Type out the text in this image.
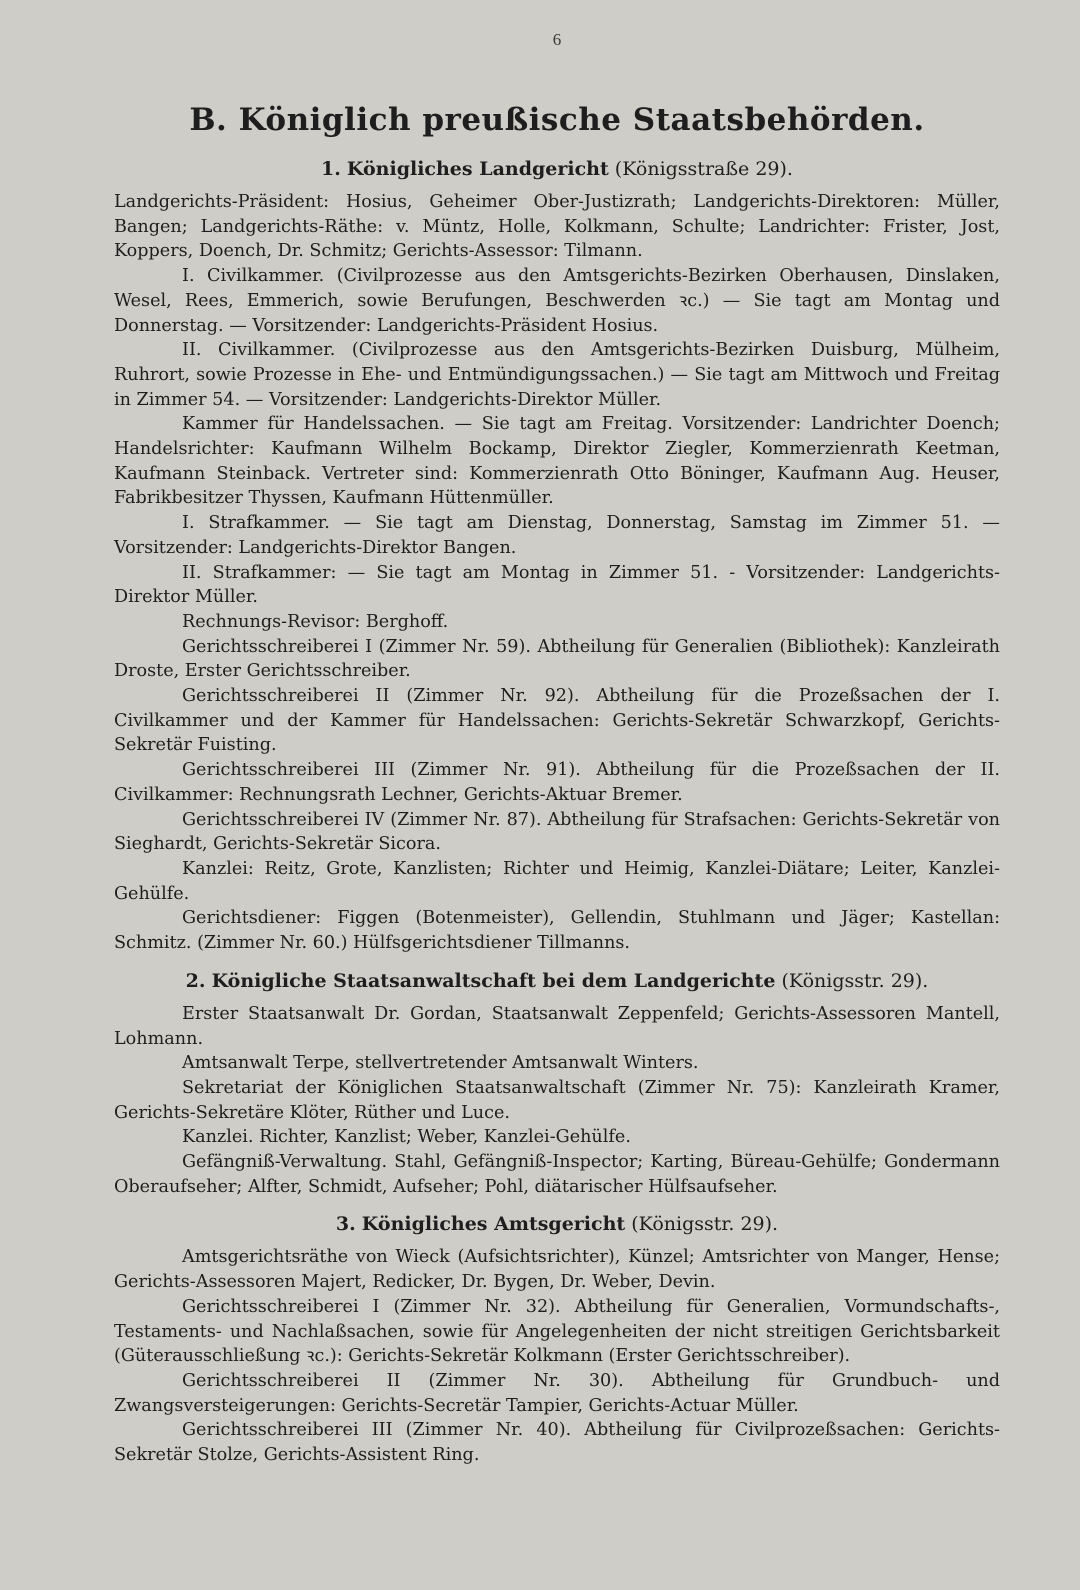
6
B. Königlich preußische Staatsbehörden.
1. Königliches Landgericht (Königsstraße 29).

Landgerichts-Präsident: Hosius, Geheimer Ober-Justizrath; Landgerichts-Direktoren: Müller, Bangen; Landgerichts-Räthe: v. Müntz, Holle, Kolkmann, Schulte; Landrichter: Frister, Jost, Koppers, Doench, Dr. Schmitz; Gerichts-Assessor: Tilmann.

I. Civilkammer. (Civilprozesse aus den Amtsgerichts-Bezirken Oberhausen, Dinslaken, Wesel, Rees, Emmerich, sowie Berufungen, Beschwerden ꝛc.) — Sie tagt am Montag und Donnerstag. — Vorsitzender: Landgerichts-Präsident Hosius.

II. Civilkammer. (Civilprozesse aus den Amtsgerichts-Bezirken Duisburg, Mülheim, Ruhrort, sowie Prozesse in Ehe- und Entmündigungssachen.) — Sie tagt am Mittwoch und Freitag in Zimmer 54. — Vorsitzender: Landgerichts-Direktor Müller.

Kammer für Handelssachen. — Sie tagt am Freitag. Vorsitzender: Landrichter Doench; Handelsrichter: Kaufmann Wilhelm Bockamp, Direktor Ziegler, Kommerzienrath Keetman, Kaufmann Steinback. Vertreter sind: Kommerzienrath Otto Böninger, Kaufmann Aug. Heuser, Fabrikbesitzer Thyssen, Kaufmann Hüttenmüller.

I. Strafkammer. — Sie tagt am Dienstag, Donnerstag, Samstag im Zimmer 51. — Vorsitzender: Landgerichts-Direktor Bangen.

II. Strafkammer: — Sie tagt am Montag in Zimmer 51. - Vorsitzender: Landgerichts-Direktor Müller.

Rechnungs-Revisor: Berghoff.

Gerichtsschreiberei I (Zimmer Nr. 59). Abtheilung für Generalien (Bibliothek): Kanzleirath Droste, Erster Gerichtsschreiber.

Gerichtsschreiberei II (Zimmer Nr. 92). Abtheilung für die Prozeßsachen der I. Civilkammer und der Kammer für Handelssachen: Gerichts-Sekretär Schwarzkopf, Gerichts-Sekretär Fuisting.

Gerichtsschreiberei III (Zimmer Nr. 91). Abtheilung für die Prozeßsachen der II. Civilkammer: Rechnungsrath Lechner, Gerichts-Aktuar Bremer.

Gerichtsschreiberei IV (Zimmer Nr. 87). Abtheilung für Strafsachen: Gerichts-Sekretär von Sieghardt, Gerichts-Sekretär Sicora.

Kanzlei: Reitz, Grote, Kanzlisten; Richter und Heimig, Kanzlei-Diätare; Leiter, Kanzlei-Gehülfe.

Gerichtsdiener: Figgen (Botenmeister), Gellendin, Stuhlmann und Jäger; Kastellan: Schmitz. (Zimmer Nr. 60.) Hülfsgerichtsdiener Tillmanns.

2. Königliche Staatsanwaltschaft bei dem Landgerichte (Königsstr. 29).

Erster Staatsanwalt Dr. Gordan, Staatsanwalt Zeppenfeld; Gerichts-Assessoren Mantell, Lohmann.

Amtsanwalt Terpe, stellvertretender Amtsanwalt Winters.

Sekretariat der Königlichen Staatsanwaltschaft (Zimmer Nr. 75): Kanzleirath Kramer, Gerichts-Sekretäre Klöter, Rüther und Luce.

Kanzlei. Richter, Kanzlist; Weber, Kanzlei-Gehülfe.

Gefängniß-Verwaltung. Stahl, Gefängniß-Inspector; Karting, Büreau-Gehülfe; Gondermann Oberaufseher; Alfter, Schmidt, Aufseher; Pohl, diätarischer Hülfsaufseher.

3. Königliches Amtsgericht (Königsstr. 29).

Amtsgerichtsräthe von Wieck (Aufsichtsrichter), Künzel; Amtsrichter von Manger, Hense; Gerichts-Assessoren Majert, Redicker, Dr. Bygen, Dr. Weber, Devin.

Gerichtsschreiberei I (Zimmer Nr. 32). Abtheilung für Generalien, Vormundschafts-, Testaments- und Nachlaßsachen, sowie für Angelegenheiten der nicht streitigen Gerichtsbarkeit (Güterausschließung ꝛc.): Gerichts-Sekretär Kolkmann (Erster Gerichtsschreiber).

Gerichtsschreiberei II (Zimmer Nr. 30). Abtheilung für Grundbuch- und Zwangsversteigerungen: Gerichts-Secretär Tampier, Gerichts-Actuar Müller.

Gerichtsschreiberei III (Zimmer Nr. 40). Abtheilung für Civilprozeßsachen: Gerichts-Sekretär Stolze, Gerichts-Assistent Ring.
